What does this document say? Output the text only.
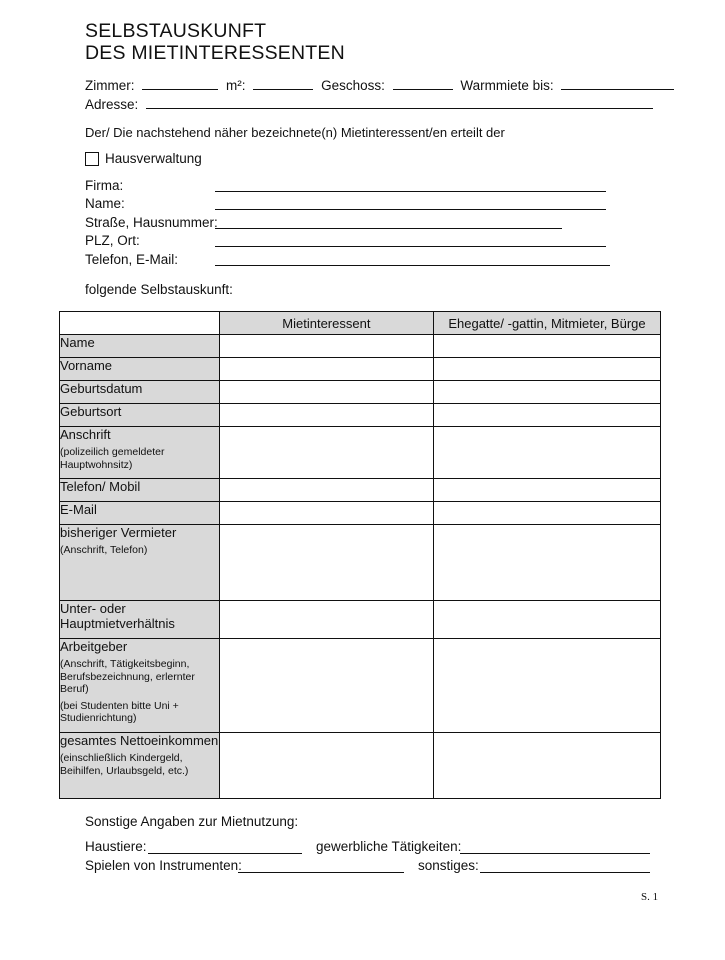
SELBSTAUSKUNFT
DES MIETINTERESSENTEN
Zimmer:	m²:	Geschoss:	Warmmiete bis:
Adresse:
Der/ Die nachstehend näher bezeichnete(n) Mietinteressent/en erteilt der
Hausverwaltung
Firma:
Name:
Straße, Hausnummer:
PLZ, Ort:
Telefon, E-Mail:
folgende Selbstauskunft:
	Mietinteressent	Ehegatte/ -gattin, Mitmieter, Bürge

Name		

Vorname		

Geburtsdatum		

Geburtsort		

Anschrift
(polizeilich gemeldeter Hauptwohnsitz)		

Telefon/ Mobil		

E-Mail		

bisheriger Vermieter
(Anschrift, Telefon)		

Unter- oder Hauptmietverhältnis		

Arbeitgeber
(Anschrift, Tätigkeitsbeginn, Berufsbezeichnung, erlernter Beruf)
(bei Studenten bitte Uni + Studienrichtung)		

gesamtes Nettoeinkommen
(einschließlich Kindergeld, Beihilfen, Urlaubsgeld, etc.)		

Sonstige Angaben zur Mietnutzung:
Haustiere:	gewerbliche Tätigkeiten:
Spielen von Instrumenten:	sonstiges:
S. 1
